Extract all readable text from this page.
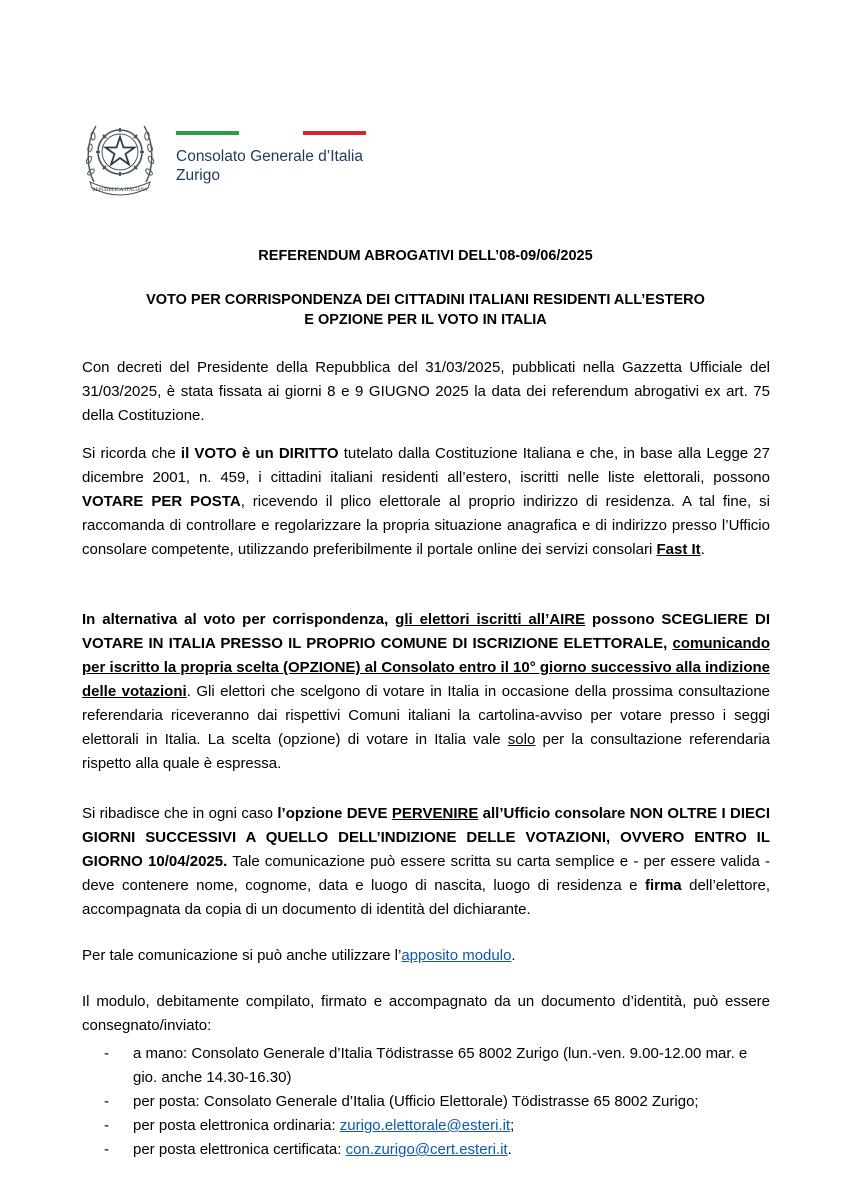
REPUBBLICA ITALIANA
Consolato Generale d’Italia
Zurigo
REFERENDUM ABROGATIVI DELL’08-09/06/2025
VOTO PER CORRISPONDENZA DEI CITTADINI ITALIANI RESIDENTI ALL’ESTERO
E OPZIONE PER IL VOTO IN ITALIA
Con decreti del Presidente della Repubblica del 31/03/2025, pubblicati nella Gazzetta Ufficiale del 31/03/2025, è stata fissata ai giorni 8 e 9 GIUGNO 2025 la data dei referendum abrogativi ex art. 75 della Costituzione.
Si ricorda che il VOTO è un DIRITTO tutelato dalla Costituzione Italiana e che, in base alla Legge 27 dicembre 2001, n. 459, i cittadini italiani residenti all’estero, iscritti nelle liste elettorali, possono VOTARE PER POSTA, ricevendo il plico elettorale al proprio indirizzo di residenza. A tal fine, si raccomanda di controllare e regolarizzare la propria situazione anagrafica e di indirizzo presso l’Ufficio consolare competente, utilizzando preferibilmente il portale online dei servizi consolari Fast It.
In alternativa al voto per corrispondenza, gli elettori iscritti all’AIRE possono SCEGLIERE DI VOTARE IN ITALIA PRESSO IL PROPRIO COMUNE DI ISCRIZIONE ELETTORALE, comunicando per iscritto la propria scelta (OPZIONE) al Consolato entro il 10° giorno successivo alla indizione delle votazioni. Gli elettori che scelgono di votare in Italia in occasione della prossima consultazione referendaria riceveranno dai rispettivi Comuni italiani la cartolina-avviso per votare presso i seggi elettorali in Italia. La scelta (opzione) di votare in Italia vale solo per la consultazione referendaria rispetto alla quale è espressa.
Si ribadisce che in ogni caso l’opzione DEVE PERVENIRE all’Ufficio consolare NON OLTRE I DIECI GIORNI SUCCESSIVI A QUELLO DELL’INDIZIONE DELLE VOTAZIONI, OVVERO ENTRO IL GIORNO 10/04/2025. Tale comunicazione può essere scritta su carta semplice e - per essere valida - deve contenere nome, cognome, data e luogo di nascita, luogo di residenza e firma dell’elettore, accompagnata da copia di un documento di identità del dichiarante.
Per tale comunicazione si può anche utilizzare l’apposito modulo.
Il modulo, debitamente compilato, firmato e accompagnato da un documento d’identità, può essere consegnato/inviato:
- a mano: Consolato Generale d’Italia Tödistrasse 65 8002 Zurigo (lun.-ven. 9.00-12.00 mar. e gio. anche 14.30-16.30)
- per posta: Consolato Generale d’Italia (Ufficio Elettorale) Tödistrasse 65 8002 Zurigo;
- per posta elettronica ordinaria: zurigo.elettorale@esteri.it;
- per posta elettronica certificata: con.zurigo@cert.esteri.it.
